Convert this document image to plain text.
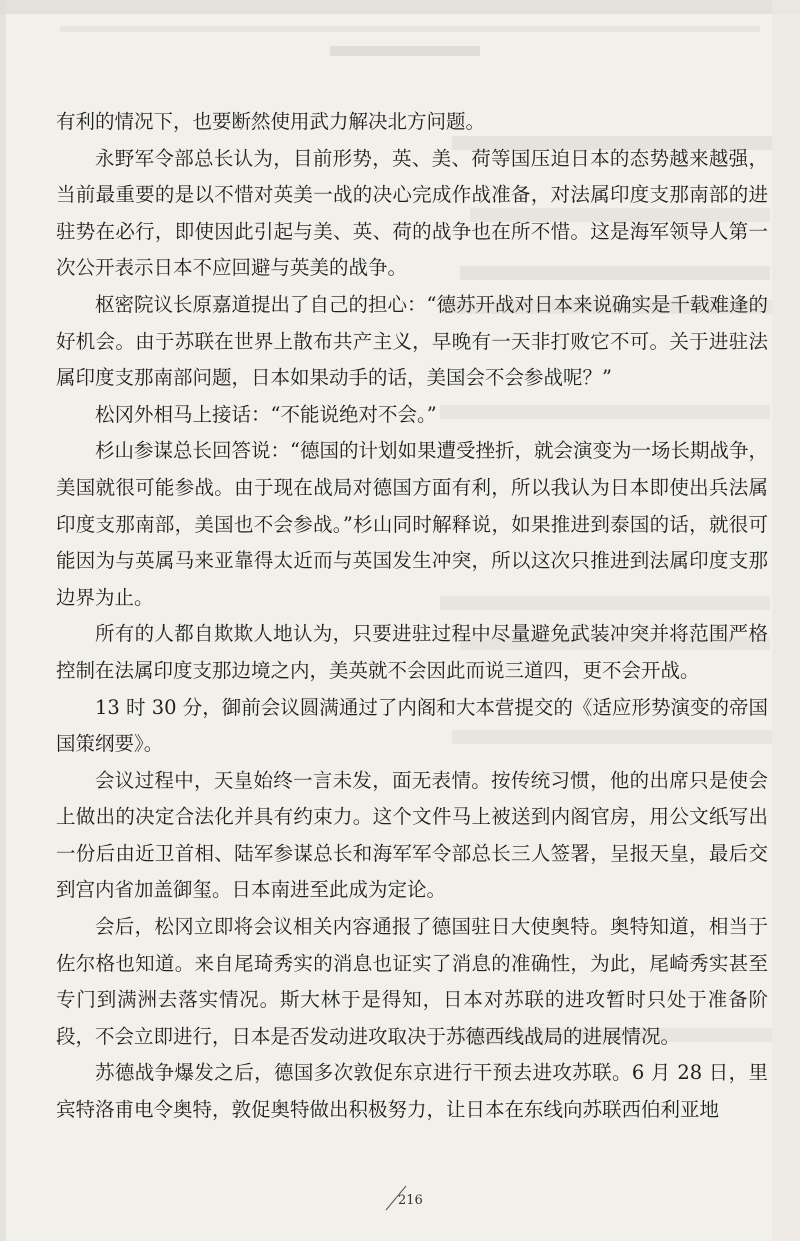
有利的情况下，也要断然使用武力解决北方问题。

永野军令部总长认为，目前形势，英、美、荷等国压迫日本的态势越来越强，当前最重要的是以不惜对英美一战的决心完成作战准备，对法属印度支那南部的进驻势在必行，即使因此引起与美、英、荷的战争也在所不惜。这是海军领导人第一次公开表示日本不应回避与英美的战争。

枢密院议长原嘉道提出了自己的担心：“德苏开战对日本来说确实是千载难逢的好机会。由于苏联在世界上散布共产主义，早晚有一天非打败它不可。关于进驻法属印度支那南部问题，日本如果动手的话，美国会不会参战呢？”

松冈外相马上接话：“不能说绝对不会。”

杉山参谋总长回答说：“德国的计划如果遭受挫折，就会演变为一场长期战争，美国就很可能参战。由于现在战局对德国方面有利，所以我认为日本即使出兵法属印度支那南部，美国也不会参战。”杉山同时解释说，如果推进到泰国的话，就很可能因为与英属马来亚靠得太近而与英国发生冲突，所以这次只推进到法属印度支那边界为止。

所有的人都自欺欺人地认为，只要进驻过程中尽量避免武装冲突并将范围严格控制在法属印度支那边境之内，美英就不会因此而说三道四，更不会开战。

13 时 30 分，御前会议圆满通过了内阁和大本营提交的《适应形势演变的帝国国策纲要》。

会议过程中，天皇始终一言未发，面无表情。按传统习惯，他的出席只是使会上做出的决定合法化并具有约束力。这个文件马上被送到内阁官房，用公文纸写出一份后由近卫首相、陆军参谋总长和海军军令部总长三人签署，呈报天皇，最后交到宫内省加盖御玺。日本南进至此成为定论。

会后，松冈立即将会议相关内容通报了德国驻日大使奥特。奥特知道，相当于佐尔格也知道。来自尾琦秀实的消息也证实了消息的准确性，为此，尾崎秀实甚至专门到满洲去落实情况。斯大林于是得知，日本对苏联的进攻暂时只处于准备阶段，不会立即进行，日本是否发动进攻取决于苏德西线战局的进展情况。

苏德战争爆发之后，德国多次敦促东京进行干预去进攻苏联。6 月 28 日，里宾特洛甫电令奥特，敦促奥特做出积极努力，让日本在东线向苏联西伯利亚地

216
